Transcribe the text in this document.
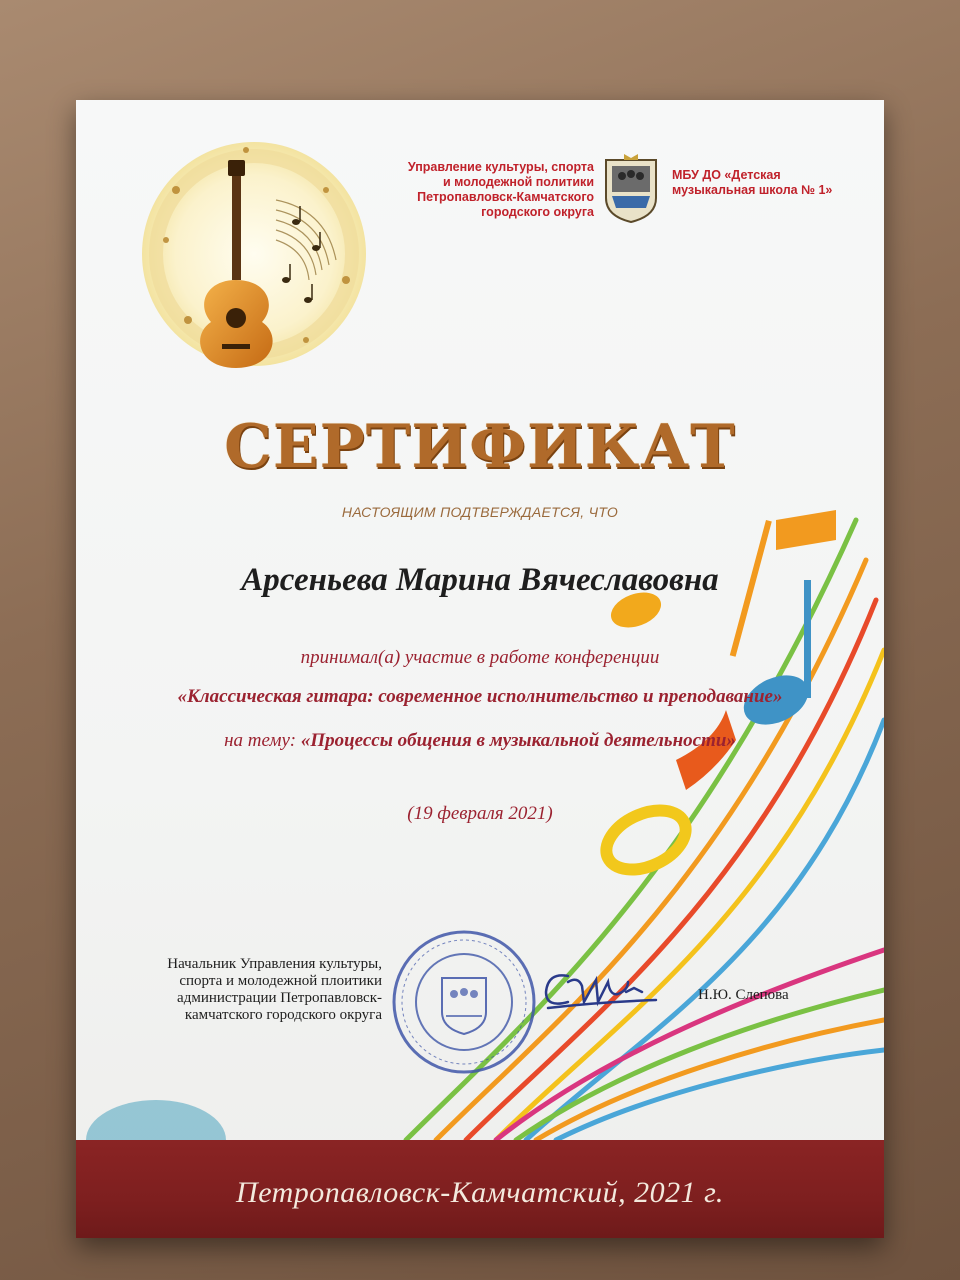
Управление культуры, спорта
и молодежной политики
Петропавловск-Камчатского
городского округа
МБУ ДО «Детская
музыкальная школа № 1»
СЕРТИФИКАТ
НАСТОЯЩИМ ПОДТВЕРЖДАЕТСЯ, ЧТО
Арсеньева Марина Вячеславовна
принимал(а) участие в работе конференции
«Классическая гитара: современное исполнительство и преподавание»
на тему: «Процессы общения в музыкальной деятельности»
(19 февраля 2021)
Начальник Управления культуры,
спорта и молодежной плоитики
администрации Петропавловск-
камчатского городского округа
Н.Ю. Слепова
Петропавловск-Камчатский, 2021 г.
